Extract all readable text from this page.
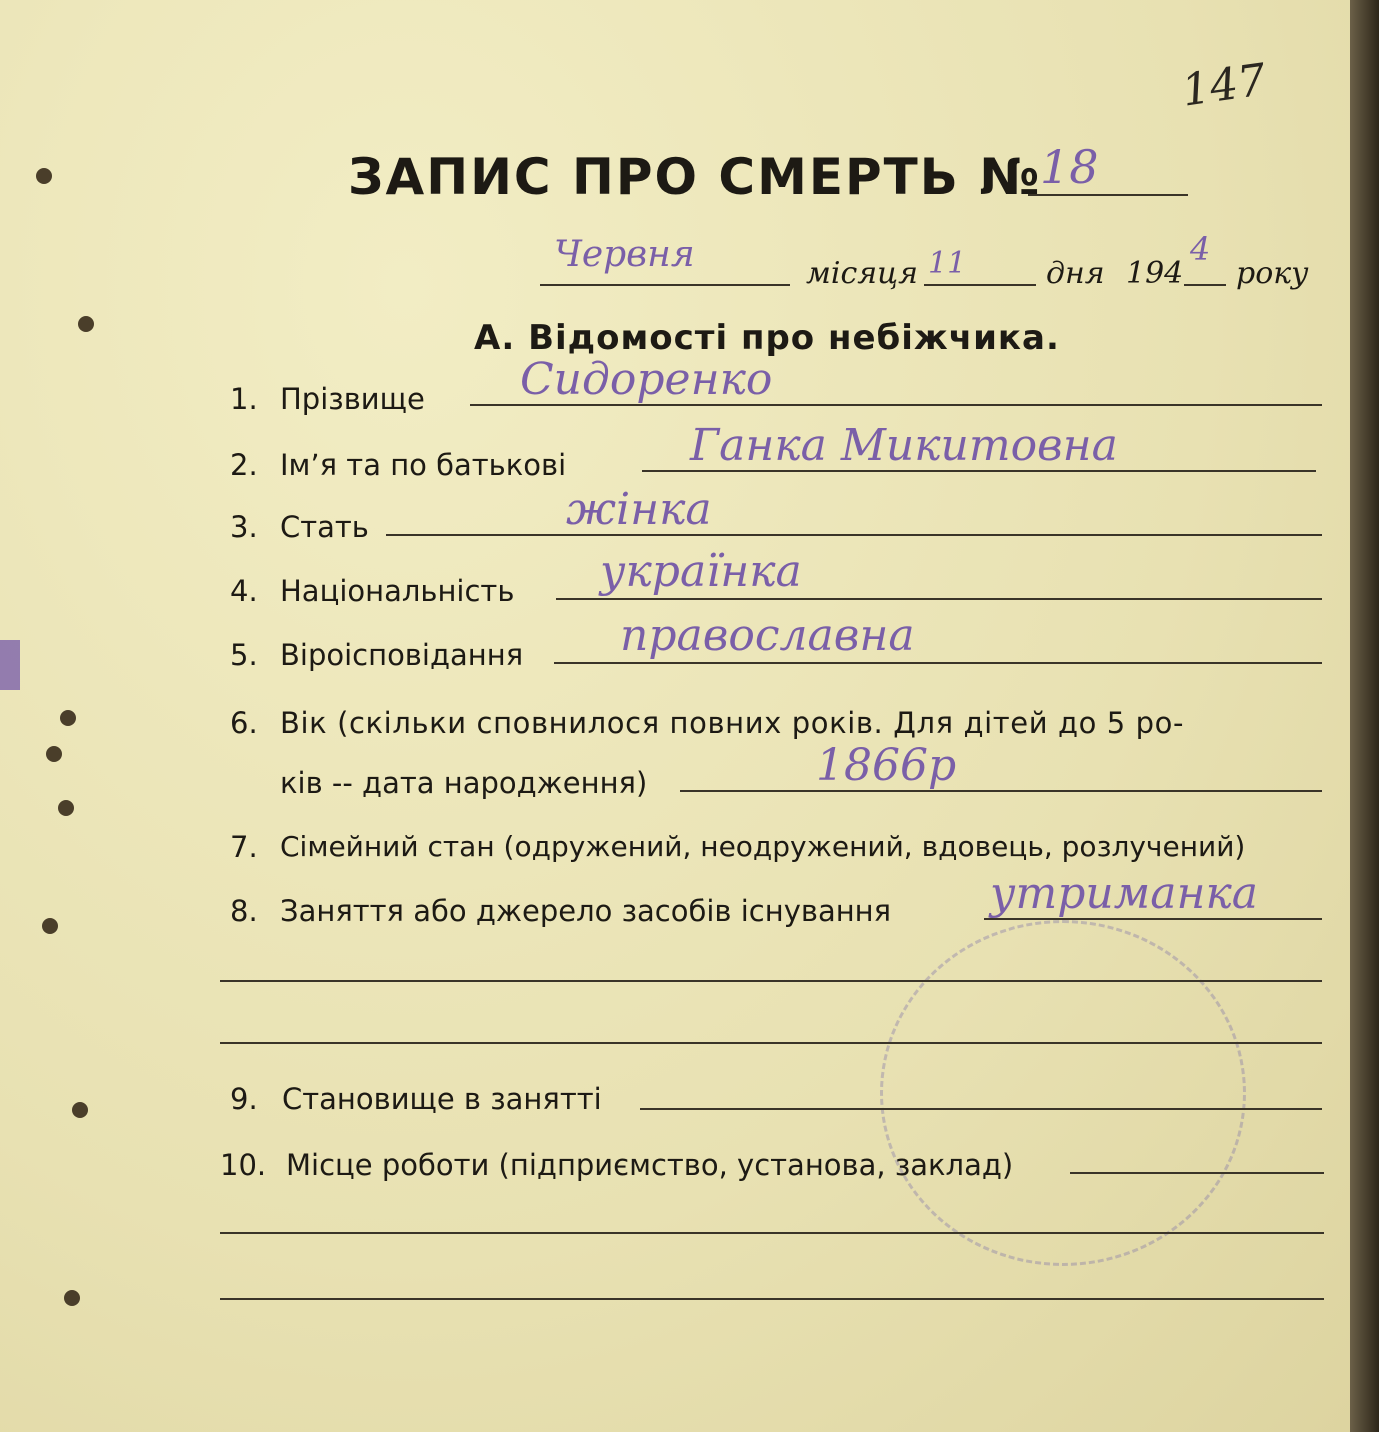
147
ЗАПИС ПРО СМЕРТЬ №
18
Червня	місяця 11	дня 194
4
року
А. Відомості про небіжчика.
1. Прізвище Сидоренко
2. Ім’я та по батькові	Ганка Микитовна
3. Стать	жінка
4. Національність українка
5. Віроісповідання православна
6. Вік (скільки сповнилося повних років. Для дітей до 5 ро-
ків -- дата народження)	1866р
7. Сімейний стан (одружений, неодружений, вдовець, розлучений)
8. Заняття або джерело засобів існування утриманка
9. Становище в занятті
10. Місце роботи (підприємство, установа, заклад)
